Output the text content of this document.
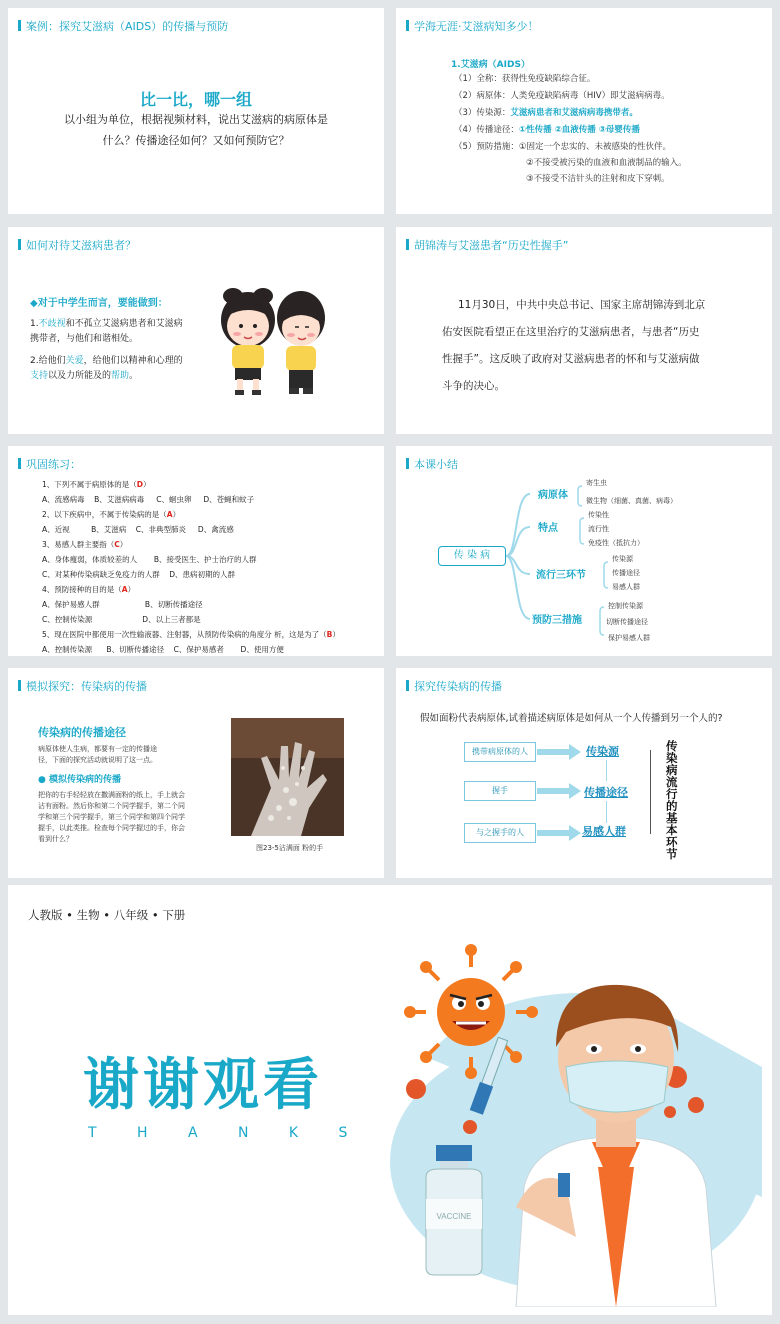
案例：探究艾滋病（AIDS）的传播与预防
比一比，哪一组
以小组为单位，根据视频材料，说出艾滋病的病原体是
什么？传播途径如何？又如何预防它？
学海无涯·艾滋病知多少！
1.艾滋病（AIDS）
（1）全称：获得性免疫缺陷综合征。
（2）病原体：人类免疫缺陷病毒（HIV）即艾滋病病毒。
（3）传染源：艾滋病患者和艾滋病病毒携带者。
（4）传播途径：①性传播 ②血液传播 ③母婴传播
（5）预防措施：①固定一个忠实的、未被感染的性伙伴。
②不接受被污染的血液和血液制品的输入。
③不接受不洁针头的注射和皮下穿刺。
如何对待艾滋病患者？
◆对于中学生而言，要能做到：
1.不歧视和不孤立艾滋病患者和艾滋病
携带者，与他们和谐相处。
2.给他们关爱，给他们以精神和心理的
支持以及力所能及的帮助。
胡锦涛与艾滋患者“历史性握手”
11月30日，中共中央总书记、国家主席胡锦涛到北京
佑安医院看望正在这里治疗的艾滋病患者，与患者“历史
性握手”。这反映了政府对艾滋病患者的怀和与艾滋病做
斗争的决心。
巩固练习：
1、下列不属于病原体的是（D）
A、流感病毒    B、艾滋病病毒     C、蛔虫卵     D、苍蝇和蚊子
2、以下疾病中，不属于传染病的是（A）
A、近视         B、艾滋病    C、非典型肺炎     D、禽流感
3、易感人群主要指（C）
A、身体瘦弱，体质较差的人       B、接受医生、护士治疗的人群
C、对某种传染病缺乏免疫力的人群    D、患病初期的人群
4、预防接种的目的是（A）
A、保护易感人群                   B、切断传播途径
C、控制传染源                     D、以上三者都是
5、现在医院中都使用一次性输液器、注射器，从预防传染病的角度分 析，这是为了（B）
A、控制传染源      B、切断传播途径    C、保护易感者       D、使用方便
本课小结
传 染 病
病原体
寄生虫
微生物（细菌、真菌、病毒）
特点
传染性
流行性
免疫性（抵抗力）
流行三环节
传染源
传播途径
易感人群
预防三措施
控制传染源
切断传播途径
保护易感人群
模拟探究：传染病的传播
传染病的传播途径
病原体使人生病，都要有一定的传播途
径，下面的探究活动就说明了这一点。
● 模拟传染病的传播
把你的右手轻轻放在撒满面粉的纸上，手上就会
沾有面粉。然后你和第二个同学握手，第二个同
学和第三个同学握手，第三个同学和第四个同学
握手，以此类推。检查每个同学握过的手，你会
看到什么？
图23-5沾满面 粉的手
探究传染病的传播
假如面粉代表病原体,试着描述病原体是如何从一个人传播到另一个人的?
携带病原体的人
握手
与之握手的人
传染源
传播途径
易感人群
传染病流行的基本环节
人教版 • 生物 • 八年级 • 下册
谢谢观看
T H A N K S
VACCINE
